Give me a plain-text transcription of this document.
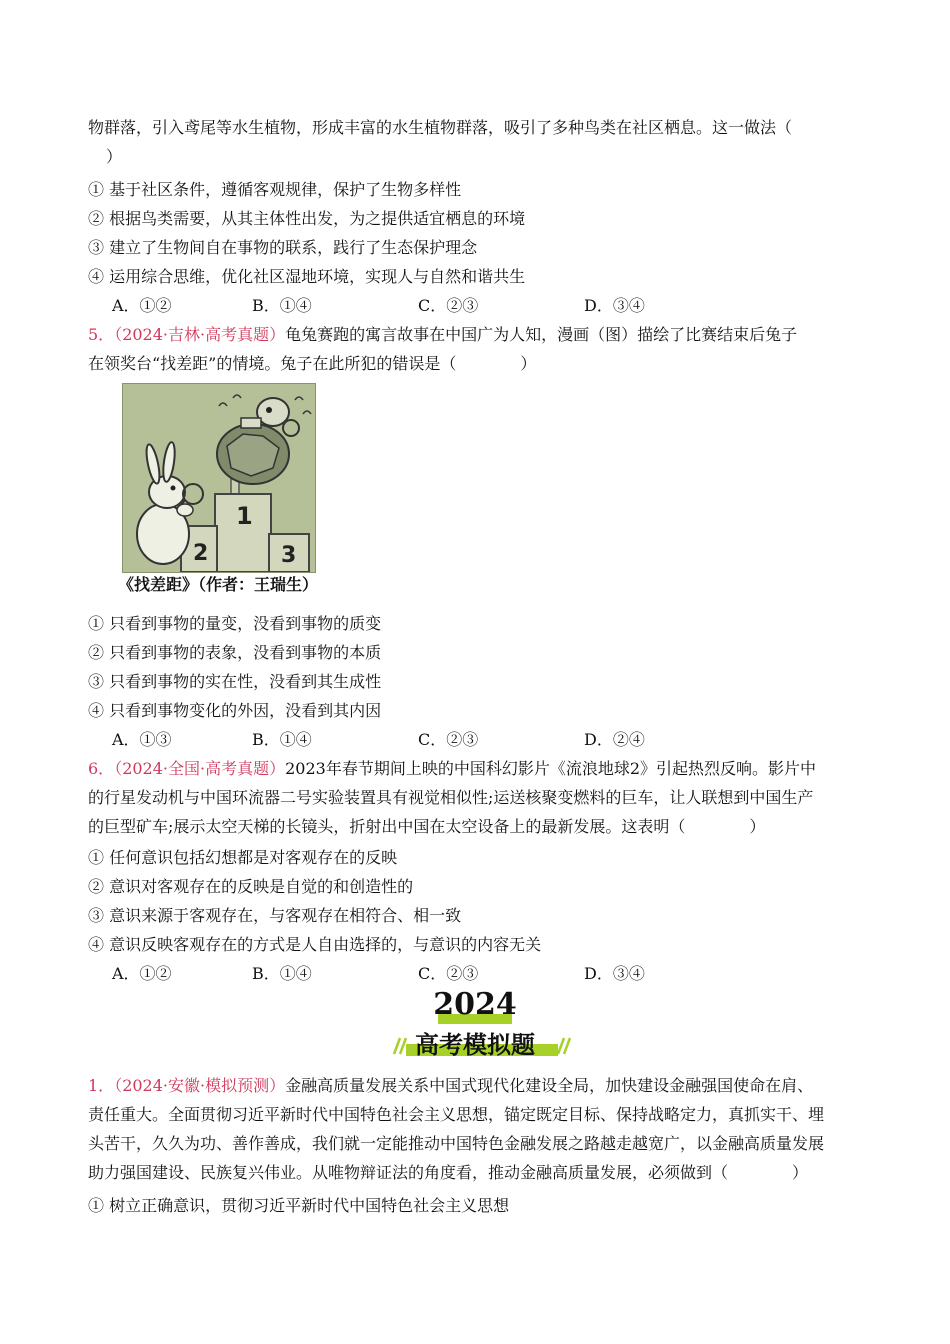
物群落，引入鸢尾等水生植物，形成丰富的水生植物群落，吸引了多种鸟类在社区栖息。这一做法（
）
① 基于社区条件，遵循客观规律，保护了生物多样性
② 根据鸟类需要，从其主体性出发，为之提供适宜栖息的环境
③ 建立了生物间自在事物的联系，践行了生态保护理念
④ 运用综合思维，优化社区湿地环境，实现人与自然和谐共生
A．①②	B．①④	C．②③	D．③④
5．（2024·吉林·高考真题）龟兔赛跑的寓言故事在中国广为人知，漫画（图）描绘了比赛结束后兔子
在领奖台“找差距”的情境。兔子在此所犯的错误是（　　　　）
1
2	3
《找差距》（作者：王瑞生）
① 只看到事物的量变，没看到事物的质变
② 只看到事物的表象，没看到事物的本质
③ 只看到事物的实在性，没看到其生成性
④ 只看到事物变化的外因，没看到其内因
A．①③	B．①④	C．②③	D．②④
6．（2024·全国·高考真题）2023年春节期间上映的中国科幻影片《流浪地球2》引起热烈反响。影片中
的行星发动机与中国环流器二号实验装置具有视觉相似性;运送核聚变燃料的巨车，让人联想到中国生产
的巨型矿车;展示太空天梯的长镜头，折射出中国在太空设备上的最新发展。这表明（　　　　）
① 任何意识包括幻想都是对客观存在的反映
② 意识对客观存在的反映是自觉的和创造性的
③ 意识来源于客观存在，与客观存在相符合、相一致
④ 意识反映客观存在的方式是人自由选择的，与意识的内容无关
A．①②	B．①④	C．②③	D．③④
2024
高考模拟题
1．（2024·安徽·模拟预测）金融高质量发展关系中国式现代化建设全局，加快建设金融强国使命在肩、
责任重大。全面贯彻习近平新时代中国特色社会主义思想，锚定既定目标、保持战略定力，真抓实干、埋
头苦干，久久为功、善作善成，我们就一定能推动中国特色金融发展之路越走越宽广，以金融高质量发展
助力强国建设、民族复兴伟业。从唯物辩证法的角度看，推动金融高质量发展，必须做到（　　　　）
① 树立正确意识，贯彻习近平新时代中国特色社会主义思想
